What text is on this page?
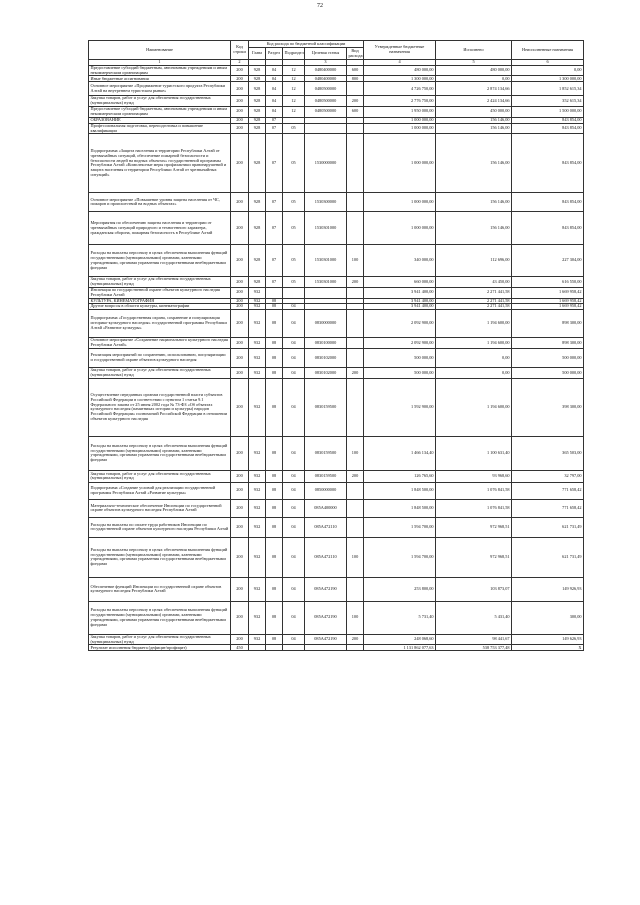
72
Наименование	Код строки	Код расхода по бюджетной классификации					Утвержденные бюджетные назначения	Исполнено	Неисполненные назначения
		Глава	Раздел	Подраздел	Целевая статья	Вид расхода			
1	2				3		4	5	6
Предоставление субсидий бюджетным, автономным учреждениям и иным некоммерческим организациям	200	928	04	12	0480400000	600	480 000,00	480 000,00	0,00
Иные бюджетные ассигнования	200	928	04	12	0480400000	800	1 300 000,00	0,00	1 300 000,00
Основное мероприятие «Продвижение туристского продукта Республики Алтай на внутреннем туристском рынке»	200	928	04	12	0480500000		4 726 750,00	2 874 134,66	1 852 615,34
Закупка товаров, работ и услуг для обеспечения государственных (муниципальных) нужд	200	928	04	12	0480500000	200	2 776 750,00	2 424 134,66	352 615,34
Предоставление субсидий бюджетным, автономным учреждениям и иным некоммерческим организациям	200	928	04	12	0480500000	600	1 950 000,00	450 000,00	1 500 000,00
ОБРАЗОВАНИЕ	200	928	07				1 000 000,00	156 146,00	843 854,00
Профессиональная подготовка, переподготовка и повышение квалификации	200	928	07	05			1 000 000,00	156 146,00	843 854,00
Подпрограмма «Защита населения и территории Республики Алтай от чрезвычайных ситуаций, обеспечение пожарной безопасности и безопасности людей на водных объектах» государственной программы Республики Алтай «Комплексные меры профилактики правонарушений и защита населения и территории Республики Алтай от чрезвычайных ситуаций»	200	928	07	05	1530000000		1 000 000,00	156 146,00	843 854,00
Основное мероприятие «Повышение уровня защиты населения от ЧС, пожаров и происшествий на водных объектах»	200	928	07	05	1530300000		1 000 000,00	156 146,00	843 854,00
Мероприятия по обеспечению защиты населения и территории от чрезвычайных ситуаций природного и техногенного характера, гражданская оборона, пожарная безопасность в Республике Алтай	200	928	07	05	1530301000		1 000 000,00	156 146,00	843 854,00
Расходы на выплаты персоналу в целях обеспечения выполнения функций государственными (муниципальными) органами, казенными учреждениями, органами управления государственными внебюджетными фондами	200	928	07	05	1530301000	100	340 000,00	112 696,00	227 304,00
Закупка товаров, работ и услуг для обеспечения государственных (муниципальных) нужд	200	928	07	05	1530301000	200	660 000,00	43 450,00	616 550,00
Инспекция по государственной охране объектов культурного наследия Республики Алтай	200	932					3 941 400,00	2 271 441,58	1 669 958,42
КУЛЬТУРА, КИНЕМАТОГРАФИЯ	200	932	08				3 941 400,00	2 271 441,58	1 669 958,42
Другие вопросы в области культуры, кинематографии	200	932	08	04			3 941 400,00	2 271 441,58	1 669 958,42
Подпрограмма «Государственная охрана, сохранение и популяризация историко-культурного наследия» государственной программы Республики Алтай «Развитие культуры»	200	932	08	04	0830000000		2 092 900,00	1 194 600,00	898 300,00
Основное мероприятие «Сохранение национального культурного наследия Республики Алтай»	200	932	08	04	0830100000		2 092 900,00	1 194 600,00	898 300,00
Реализация мероприятий по сохранению, использованию, популяризации и государственной охране объектов культурного наследия	200	932	08	04	0830102000		500 000,00	0,00	500 000,00
Закупка товаров, работ и услуг для обеспечения государственных (муниципальных) нужд	200	932	08	04	0830102000	200	500 000,00	0,00	500 000,00
Осуществление переданных органам государственной власти субъектов Российской Федерации в соответствии с пунктом 1 статьи 9.1 Федерального закона от 25 июня 2002 года № 73-ФЗ «Об объектах культурного наследия (памятниках истории и культуры) народов Российской Федерации» полномочий Российской Федерации в отношении объектов культурного наследия	200	932	08	04	0830159500		1 592 900,00	1 194 600,00	398 300,00
Расходы на выплаты персоналу в целях обеспечения выполнения функций государственными (муниципальными) органами, казенными учреждениями, органами управления государственными внебюджетными фондами	200	932	08	04	0830159500	100	1 466 134,40	1 100 631,40	365 503,00
Закупка товаров, работ и услуг для обеспечения государственных (муниципальных) нужд	200	932	08	04	0830159500	200	126 765,60	93 968,60	32 797,00
Подпрограмма «Создание условий для реализации государственной программы Республики Алтай «Развитие культуры»	200	932	08	04	0850000000		1 848 500,00	1 076 841,58	771 658,42
Материально-техническое обеспечение Инспекции по государственной охране объектов культурного наследия Республики Алтай	200	932	08	04	085А400000		1 848 500,00	1 076 841,58	771 658,42
Расходы на выплаты по оплате труда работников Инспекции по государственной охране объектов культурного наследия Республики Алтай	200	932	08	04	085А472110		1 594 700,00	972 968,51	621 731,49
Расходы на выплаты персоналу в целях обеспечения выполнения функций государственными (муниципальными) органами, казенными учреждениями, органами управления государственными внебюджетными фондами	200	932	08	04	085А472110	100	1 594 700,00	972 968,51	621 731,49
Обеспечение функций Инспекции по государственной охране объектов культурного наследия Республики Алтай	200	932	08	04	085А472190		253 800,00	103 873,07	149 926,93
Расходы на выплаты персоналу в целях обеспечения выполнения функций государственными (муниципальными) органами, казенными учреждениями, органами управления государственными внебюджетными фондами	200	932	08	04	085А472190	100	5 731,40	5 431,40	300,00
Закупка товаров, работ и услуг для обеспечения государственных (муниципальных) нужд	200	932	08	04	085А472190	200	248 068,60	98 441,67	149 626,93
Результат исполнения бюджета (дефицит/профицит)	450						1 131 862 077,63	538 753 377,48	X
